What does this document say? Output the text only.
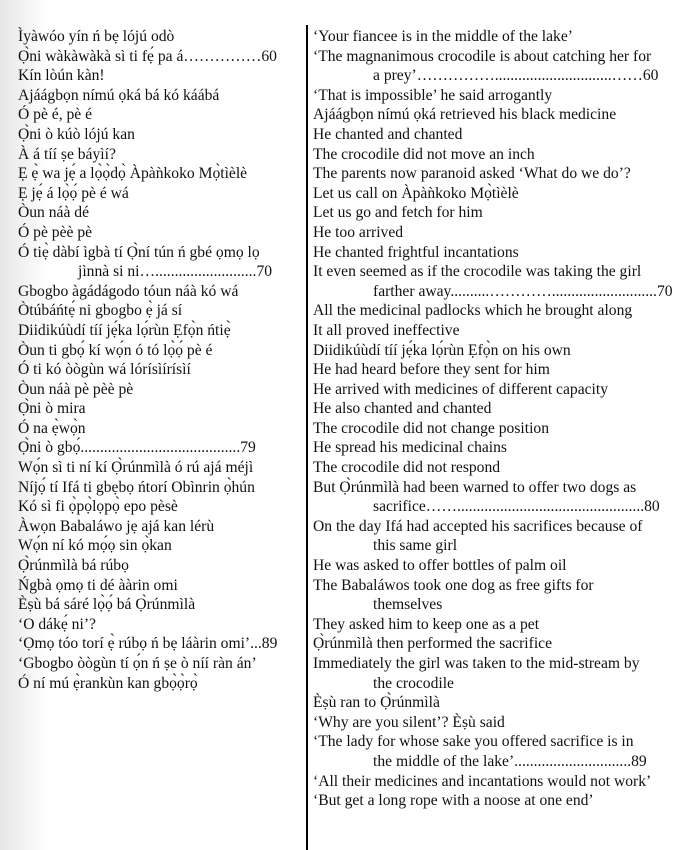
Ìyàwóo yín ń bẹ lójú odò
Ọ̀ni wàkàwàkà sì ti fẹ́ pa á……………60
Kín lòún kàn!
Ajáágbọn nímú ọká bá kó káábá
Ó pè é, pè é
Ọ̀ni ò kúò lójú kan
À á tíí ṣe báyìí?
Ẹ ẹ̀ wa jẹ́ a lọ̀ọ̀dọ̀ Àpàǹkoko Mọ̀tìèlè
Ẹ jẹ́ á lọ̀ọ́ pè é wá
Òun náà dé
Ó pè pèè pè
Ó tiẹ̀ dàbí ìgbà tí Ọ̀ní tún ń gbé ọmọ lọ
jìnnà si ni…..........................70
Gbogbo àgádágodo tóun náà kó wá
Òtúbáńtẹ́ ni gbogbo ẹ̀ já sí
Diidikúùdí tíí jẹ́ka lọ́rùn Ẹfọ̀n ńtiẹ̀
Òun ti gbọ́ kí wọ́n ó tó lọ̀ọ́ pè é
Ó ti kó òògùn wá lórísìírísìí
Òun náà pè pèè pè
Ọ̀ni ò mira
Ó na ẹ̀wọ̀n
Ọ̀ni ò gbọ́.........................................79
Wọ́n sì ti ní kí Ọ̀rúnmìlà ó rú ajá méjì
Níjọ́ tí Ifá ti gbẹbọ ńtorí Obìnrin ọ̀hún
Kó sì fi ọ̀pọ̀lọpọ̀ epo pèsè
Àwọn Babaláwo jẹ ajá kan lérù
Wọ́n ní kó mọ́ọ sin ọ̀kan
Ọ̀rúnmìlà bá rúbọ
Ńgbà ọmọ ti dé ààrin omi
Èṣù bá sáré lọ̀ọ́ bá Ọ̀rúnmìlà
‘O dákẹ́ ni’?
‘Ọmọ tóo torí ẹ̀ rúbọ ń bẹ láàrin omi’...89
‘Gbogbo òògùn tí ọ́n ń ṣe ò níí ràn án’
Ó ní mú ẹ̀rankùn kan gbọ̀ọ̀rọ̀
‘Your fiancee is in the middle of the lake’
‘The magnanimous crocodile is about catching her for
a prey’……………..............................……60
‘That is impossible’ he said arrogantly
Ajáágbọn nímú ọká retrieved his black medicine
He chanted and chanted
The crocodile did not move an inch
The parents now paranoid asked ‘What do we do’?
Let us call on Àpàǹkoko Mọ̀tìèlè
Let us go and fetch for him
He too arrived
He chanted frightful incantations
It even seemed as if the crocodile was taking the girl
farther away..........…………...........................70
All the medicinal padlocks which he brought along
It all proved ineffective
Diidikúùdí tíí jẹ́ka lọ́rùn Ẹfọ̀n on his own
He had heard before they sent for him
He arrived with medicines of different capacity
He also chanted and chanted
The crocodile did not change position
He spread his medicinal chains
The crocodile did not respond
But Ọ̀rúnmìlà had been warned to offer two dogs as
sacrifice……................................................80
On the day Ifá had accepted his sacrifices because of
this same girl
He was asked to offer bottles of palm oil
The Babaláwos took one dog as free gifts for
themselves
They asked him to keep one as a pet
Ọ̀rúnmìlà then performed the sacrifice
Immediately the girl was taken to the mid-stream by
the crocodile
Èṣù ran to Ọ̀rúnmìlà
‘Why are you silent’? Èṣù said
‘The lady for whose sake you offered sacrifice is in
the middle of the lake’..............................89
‘All their medicines and incantations would not work’
‘But get a long rope with a noose at one end’
